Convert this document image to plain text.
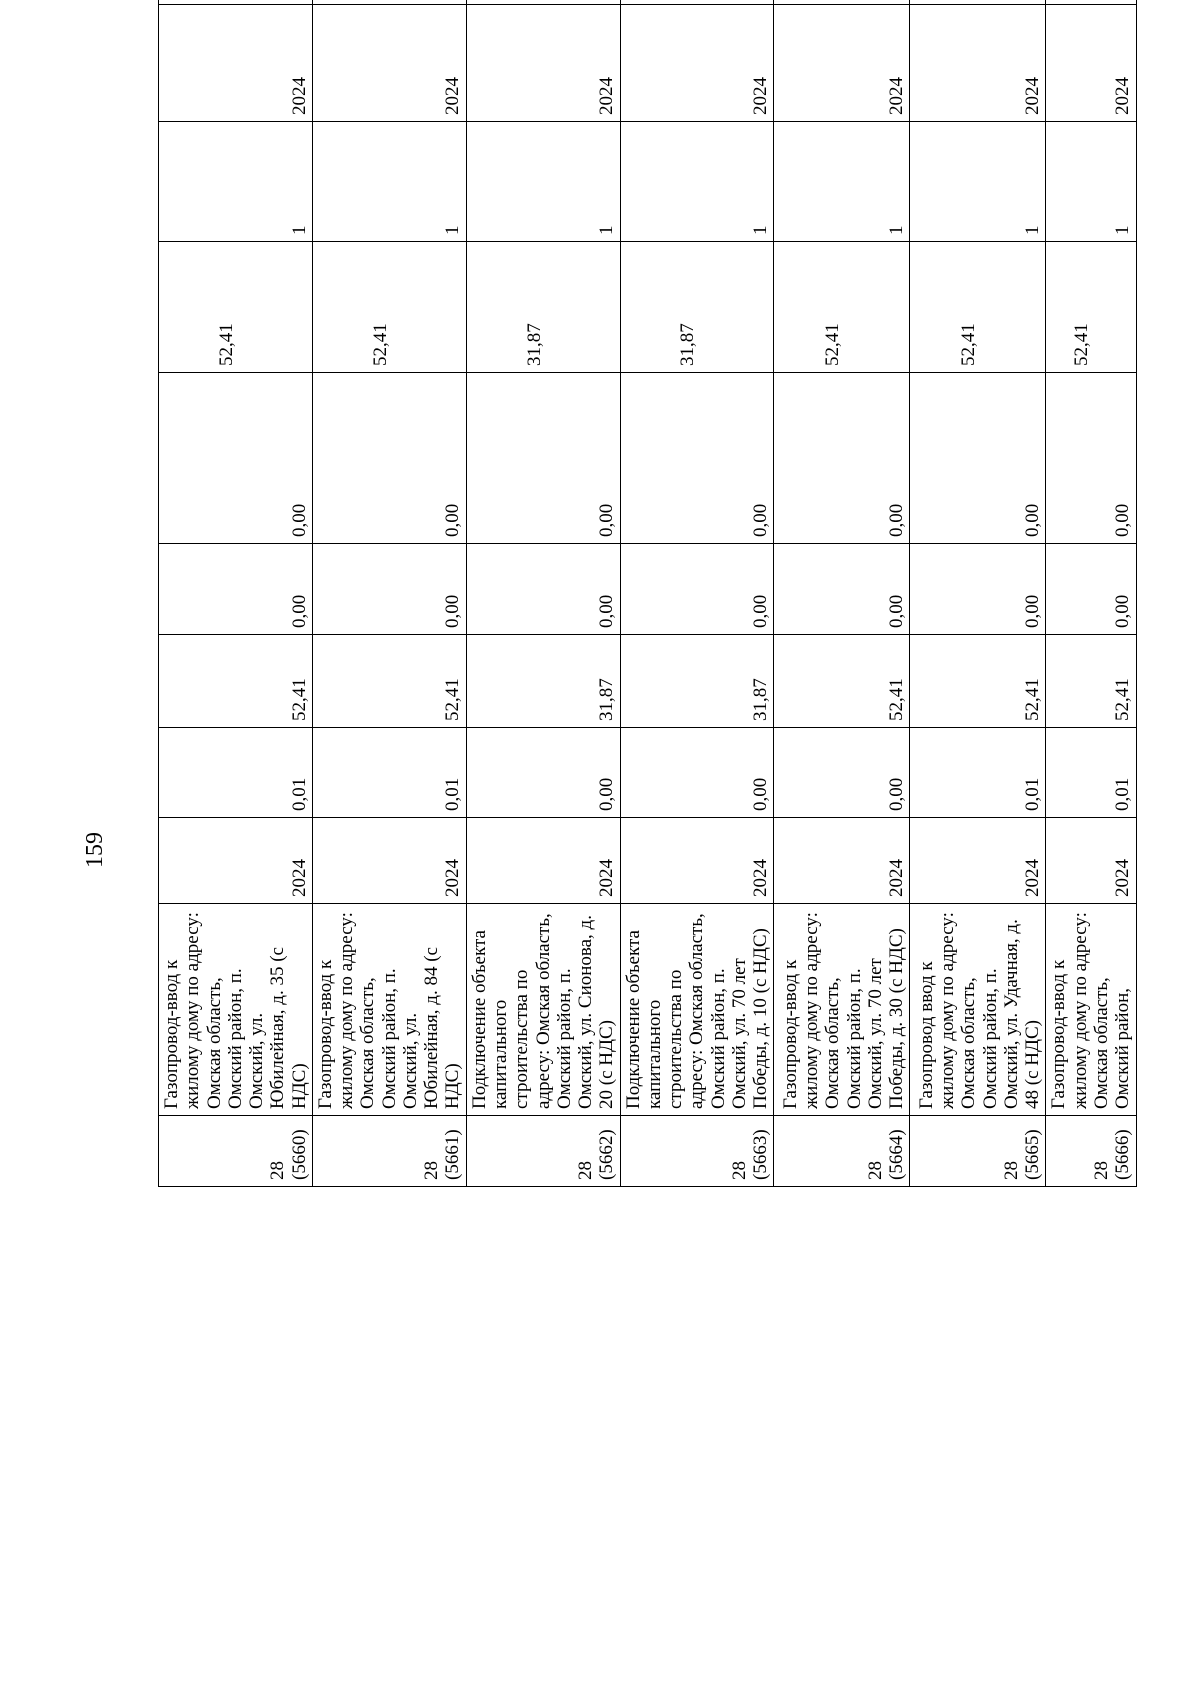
159
28 (5660)	Газопровод-ввод к жилому дому по адресу: Омская область, Омский район, п. Омский, ул. Юбилейная, д. 35 (с НДС)	2024	0,01	52,41	0,00	0,00	52,41	1	2024	
28 (5661)	Газопровод-ввод к жилому дому по адресу: Омская область, Омский район, п. Омский, ул. Юбилейная, д. 84 (с НДС)	2024	0,01	52,41	0,00	0,00	52,41	1	2024	
28 (5662)	Подключение объекта капитального строительства по адресу: Омская область, Омский район, п. Омский, ул. Сионова, д. 20 (с НДС)	2024	0,00	31,87	0,00	0,00	31,87	1	2024	
28 (5663)	Подключение объекта капитального строительства по адресу: Омская область, Омский район, п. Омский, ул. 70 лет Победы, д. 10 (с НДС)	2024	0,00	31,87	0,00	0,00	31,87	1	2024	
28 (5664)	Газопровод-ввод к жилому дому по адресу: Омская область, Омский район, п. Омский, ул. 70 лет Победы, д. 30 (с НДС)	2024	0,00	52,41	0,00	0,00	52,41	1	2024	
28 (5665)	Газопровод ввод к жилому дому по адресу: Омская область, Омский район, п. Омский, ул. Удачная, д. 48 (с НДС)	2024	0,01	52,41	0,00	0,00	52,41	1	2024	
28 (5666)	Газопровод-ввод к жилому дому по адресу: Омская область, Омский район,	2024	0,01	52,41	0,00	0,00	52,41	1	2024	
